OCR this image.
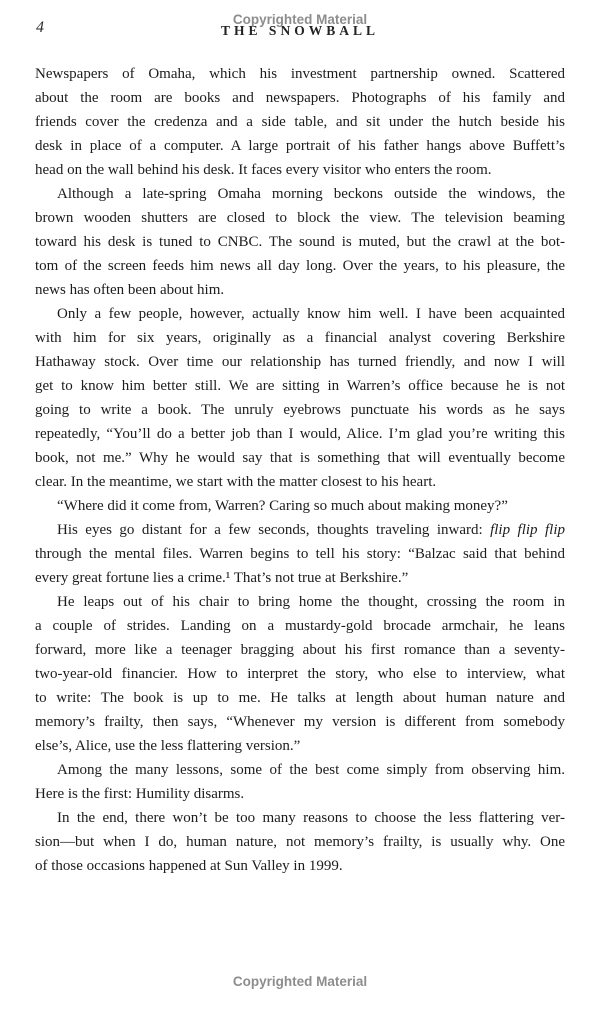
Copyrighted Material
4	THE SNOWBALL
Newspapers of Omaha, which his investment partnership owned. Scattered
about the room are books and newspapers. Photographs of his family and
friends cover the credenza and a side table, and sit under the hutch beside his
desk in place of a computer. A large portrait of his father hangs above Buffett’s
head on the wall behind his desk. It faces every visitor who enters the room.
Although a late-spring Omaha morning beckons outside the windows, the
brown wooden shutters are closed to block the view. The television beaming
toward his desk is tuned to CNBC. The sound is muted, but the crawl at the bot-
tom of the screen feeds him news all day long. Over the years, to his pleasure, the
news has often been about him.
Only a few people, however, actually know him well. I have been acquainted
with him for six years, originally as a financial analyst covering Berkshire
Hathaway stock. Over time our relationship has turned friendly, and now I will
get to know him better still. We are sitting in Warren’s office because he is not
going to write a book. The unruly eyebrows punctuate his words as he says
repeatedly, “You’ll do a better job than I would, Alice. I’m glad you’re writing this
book, not me.” Why he would say that is something that will eventually become
clear. In the meantime, we start with the matter closest to his heart.
“Where did it come from, Warren? Caring so much about making money?”
His eyes go distant for a few seconds, thoughts traveling inward: flip flip flip
through the mental files. Warren begins to tell his story: “Balzac said that behind
every great fortune lies a crime.¹ That’s not true at Berkshire.”
He leaps out of his chair to bring home the thought, crossing the room in
a couple of strides. Landing on a mustardy-gold brocade armchair, he leans
forward, more like a teenager bragging about his first romance than a seventy-
two-year-old financier. How to interpret the story, who else to interview, what
to write: The book is up to me. He talks at length about human nature and
memory’s frailty, then says, “Whenever my version is different from somebody
else’s, Alice, use the less flattering version.”
Among the many lessons, some of the best come simply from observing him.
Here is the first: Humility disarms.
In the end, there won’t be too many reasons to choose the less flattering ver-
sion—but when I do, human nature, not memory’s frailty, is usually why. One
of those occasions happened at Sun Valley in 1999.
Copyrighted Material
